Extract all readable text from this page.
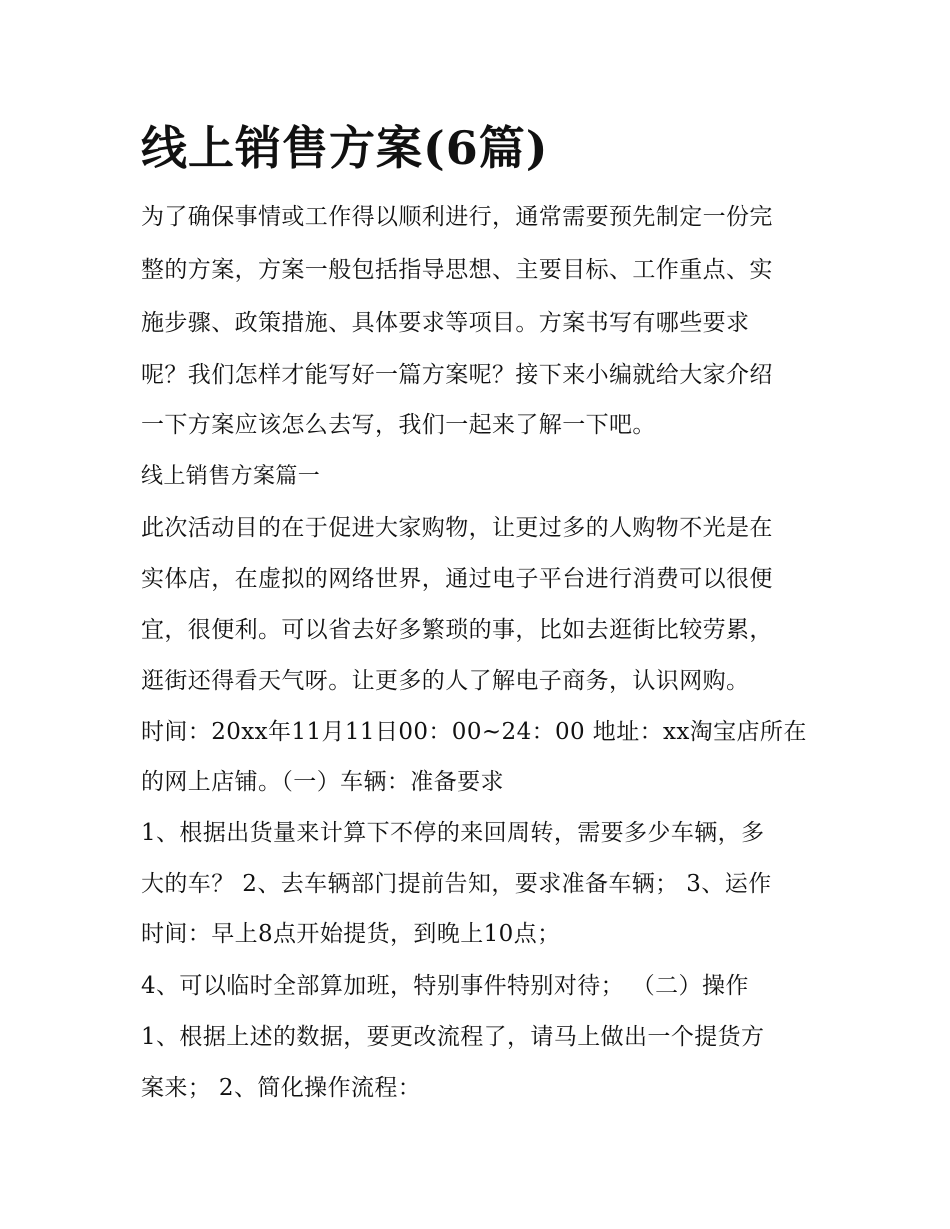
线上销售方案(6篇)

为了确保事情或工作得以顺利进行，通常需要预先制定一份完

整的方案，方案一般包括指导思想、主要目标、工作重点、实

施步骤、政策措施、具体要求等项目。方案书写有哪些要求

呢？我们怎样才能写好一篇方案呢？接下来小编就给大家介绍

一下方案应该怎么去写，我们一起来了解一下吧。

线上销售方案篇一

此次活动目的在于促进大家购物，让更过多的人购物不光是在

实体店，在虚拟的网络世界，通过电子平台进行消费可以很便

宜，很便利。可以省去好多繁琐的事，比如去逛街比较劳累，

逛街还得看天气呀。让更多的人了解电子商务，认识网购。

时间：20xx年11月11日00：00~24：00 地址：xx淘宝店所在

的网上店铺。（一）车辆：准备要求

1、根据出货量来计算下不停的来回周转，需要多少车辆，多

大的车？ 2、去车辆部门提前告知，要求准备车辆； 3、运作

时间：早上8点开始提货，到晚上10点；

4、可以临时全部算加班，特别事件特别对待； （二）操作

1、根据上述的数据，要更改流程了，请马上做出一个提货方

案来； 2、简化操作流程：
